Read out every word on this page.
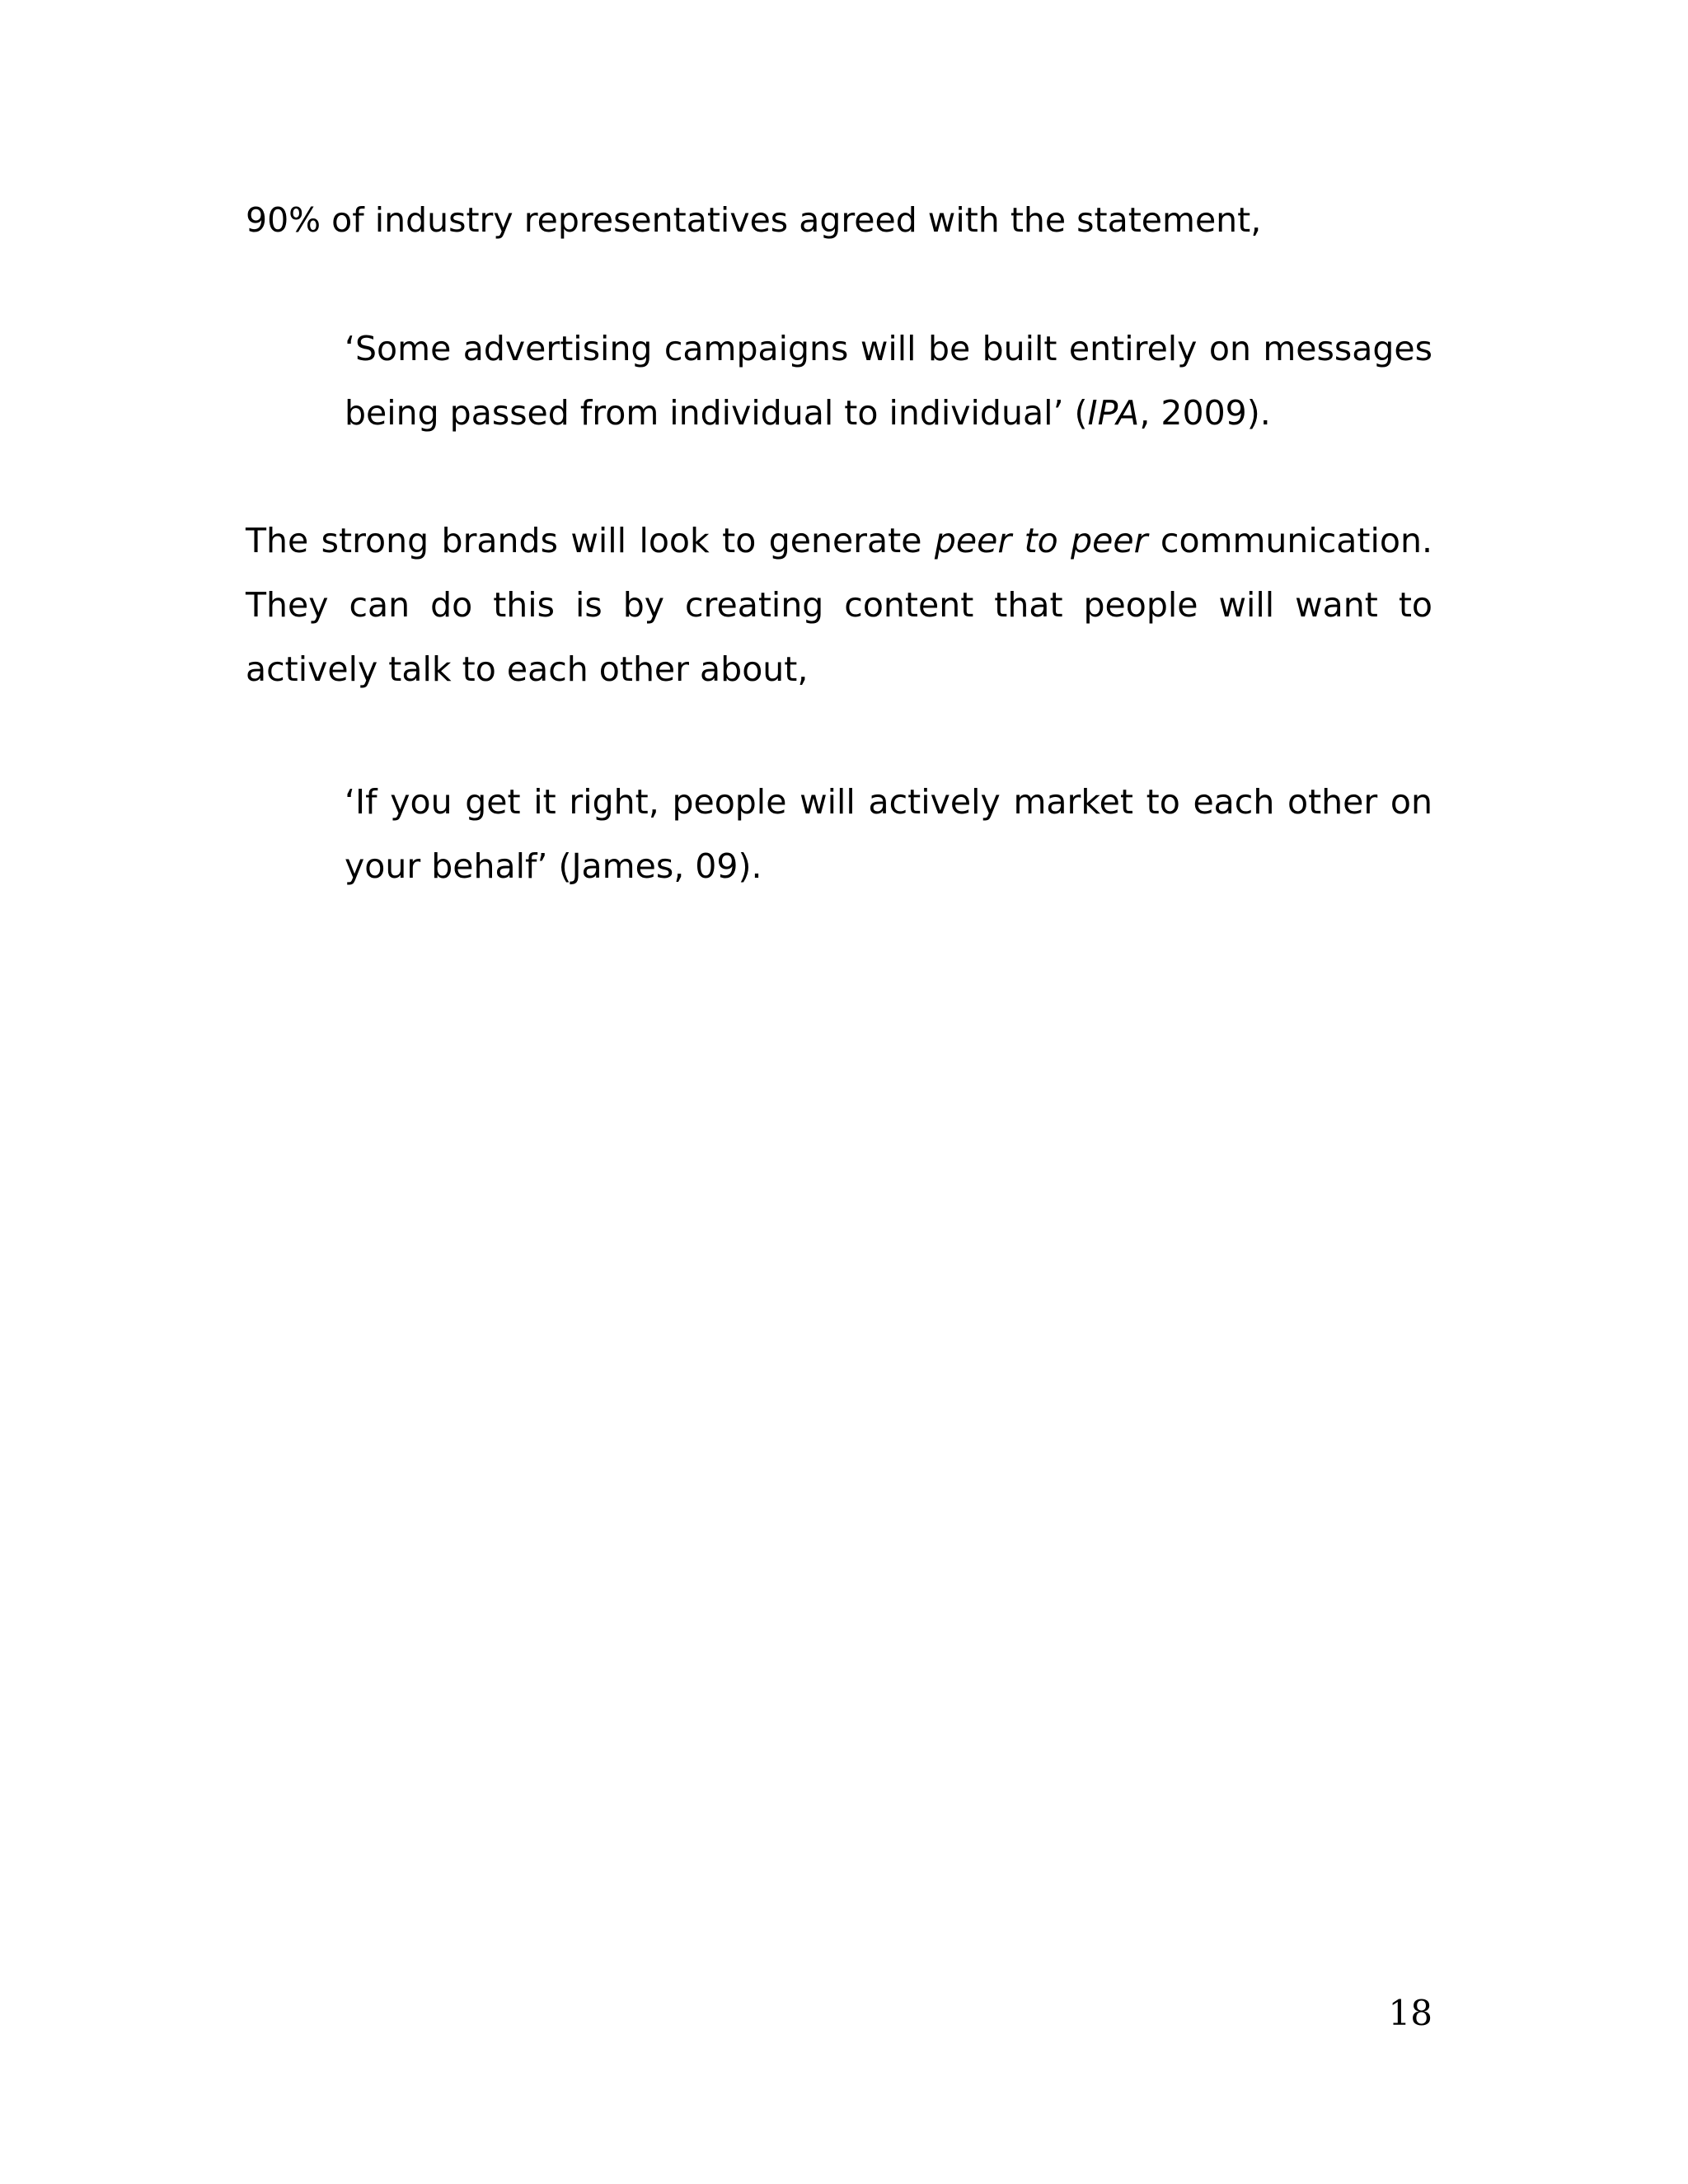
90% of industry representatives agreed with the statement,

‘Some advertising campaigns will be built entirely on messages being passed from individual to individual’ (IPA, 2009).

The strong brands will look to generate peer to peer communication. They can do this is by creating content that people will want to actively talk to each other about,

‘If you get it right, people will actively market to each other on your behalf’ (James, 09).

18
